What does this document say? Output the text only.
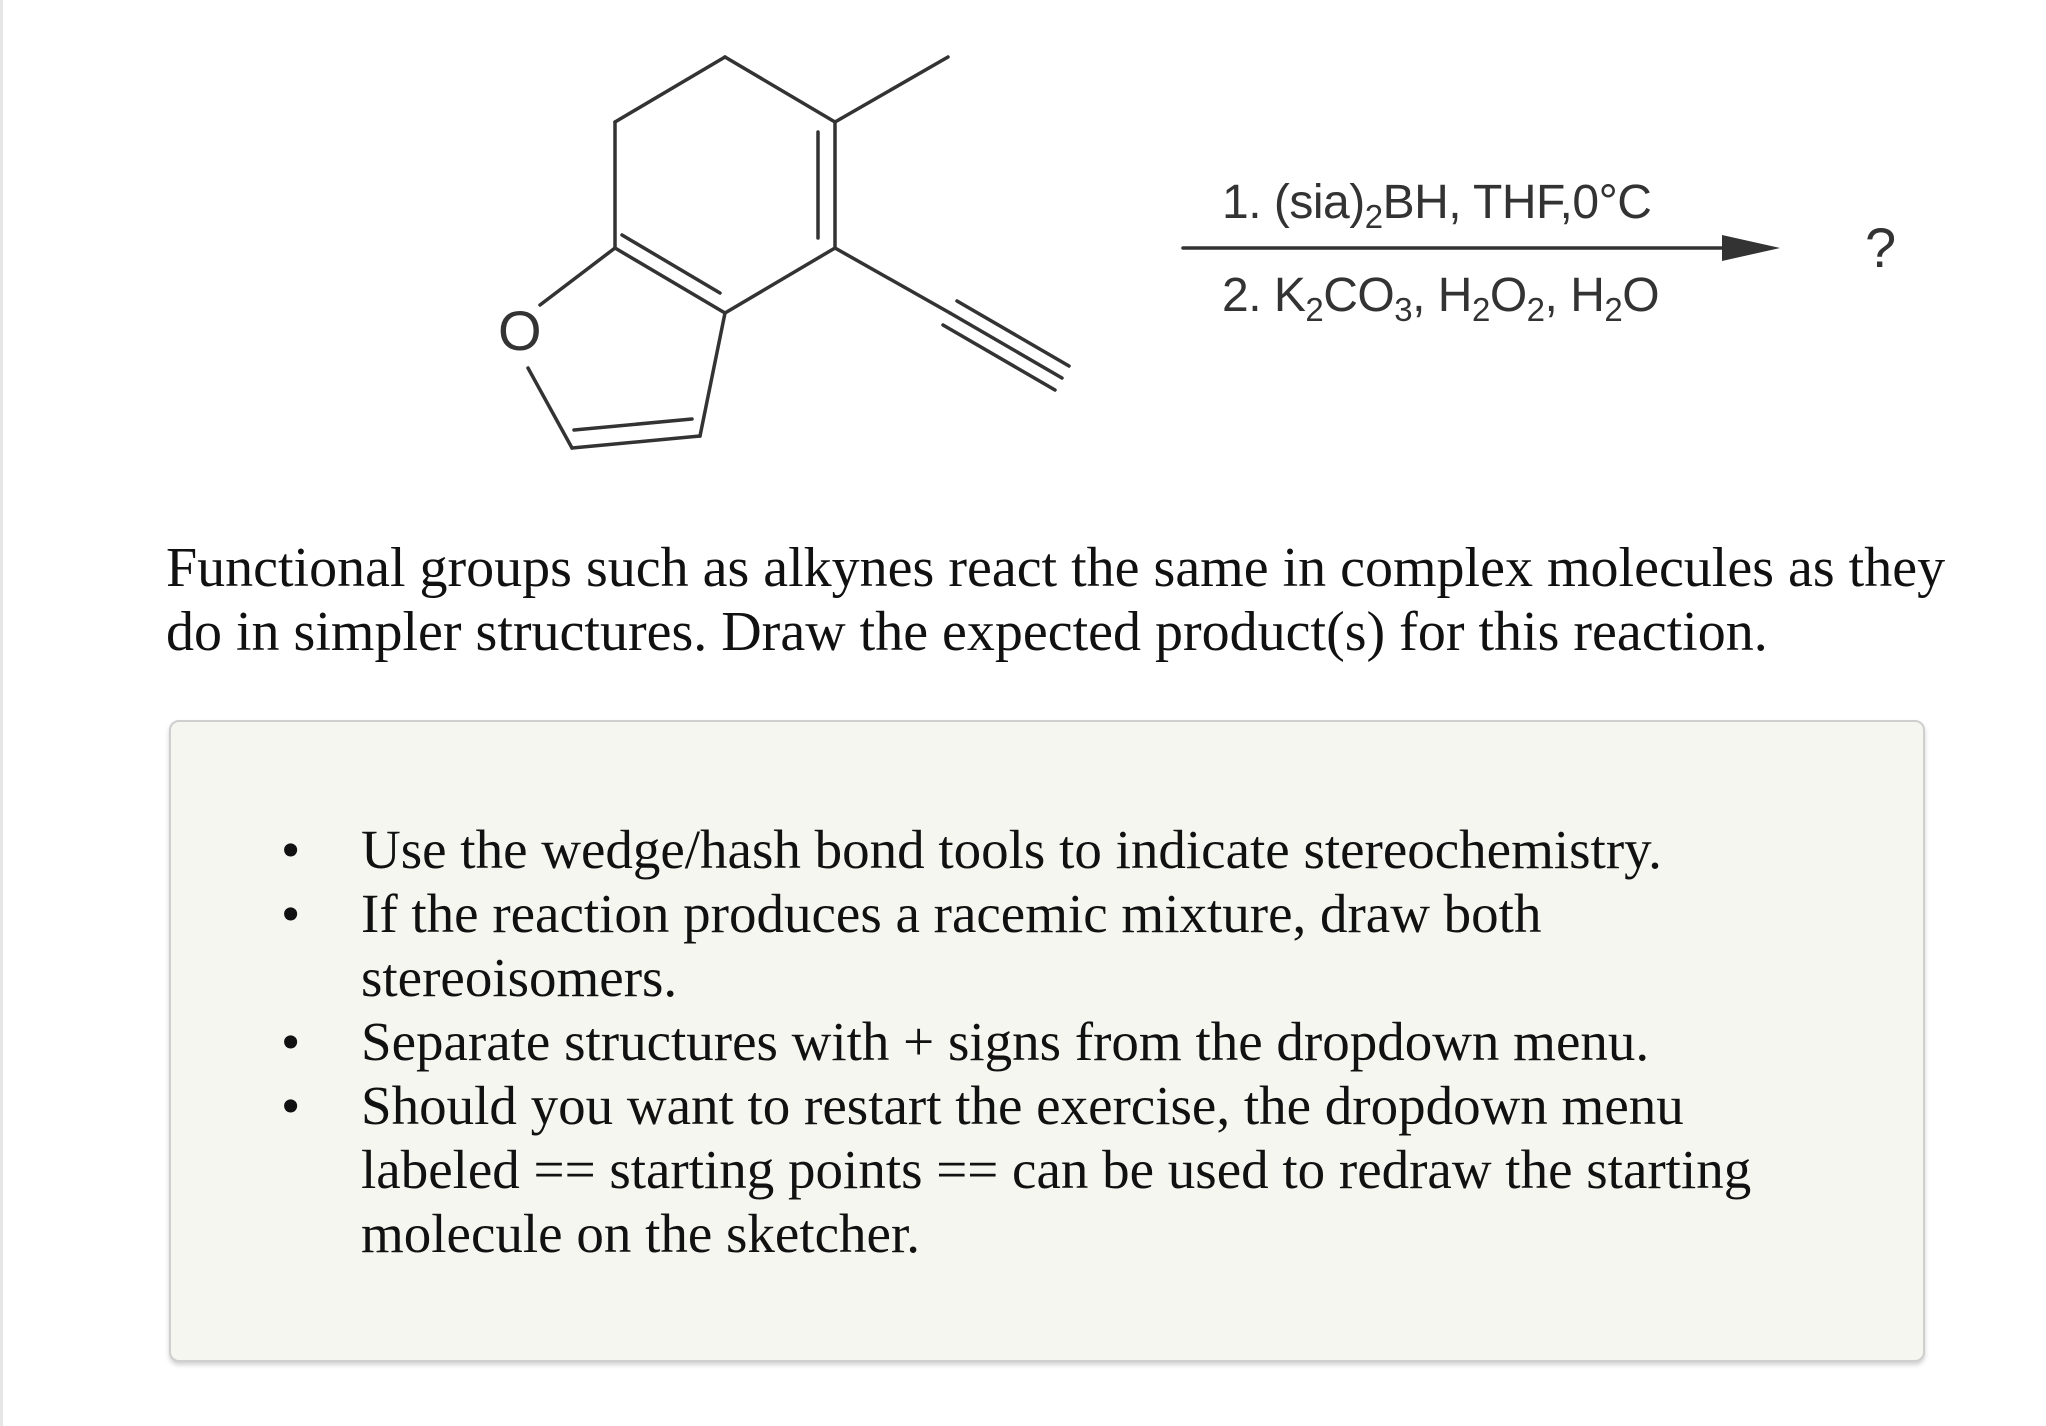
O
1. $(sia)_2BH$, THF,0°C
2. $K_2CO_3$, $H_2O_2$, $H_2O$
?
Functional groups such as alkynes react the same in complex molecules as they do in simpler structures. Draw the expected product(s) for this reaction.
•	Use the wedge/hash bond tools to indicate stereochemistry.
•	If the reaction produces a racemic mixture, draw both stereoisomers.
•	Separate structures with + signs from the dropdown menu.
•	Should you want to restart the exercise, the dropdown menu labeled == starting points == can be used to redraw the starting molecule on the sketcher.
